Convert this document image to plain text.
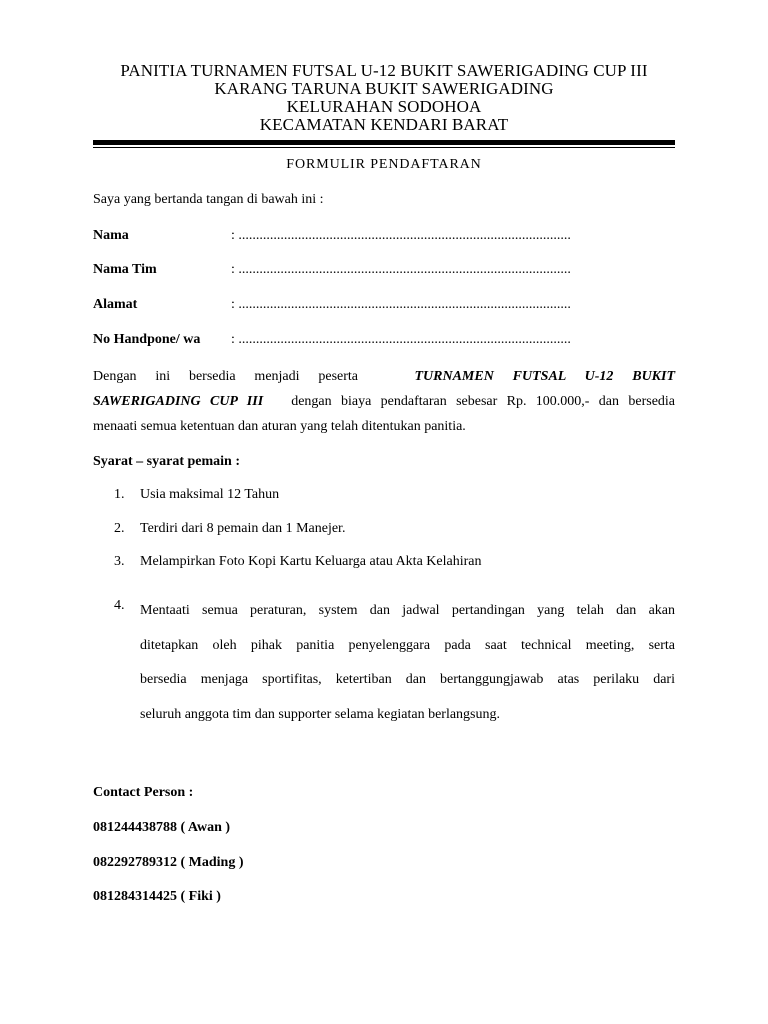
PANITIA TURNAMEN FUTSAL U-12 BUKIT SAWERIGADING CUP III
KARANG TARUNA BUKIT SAWERIGADING
KELURAHAN SODOHOA
KECAMATAN KENDARI BARAT
FORMULIR PENDAFTARAN
Saya yang bertanda tangan di bawah ini :
Nama	: ...............................................................................................
Nama Tim	: ...............................................................................................
Alamat	: ...............................................................................................
No Handpone/ wa : ...............................................................................................
Dengan ini bersedia menjadi peserta	TURNAMEN FUTSAL U-12 BUKIT
SAWERIGADING CUP III dengan biaya pendaftaran sebesar Rp. 100.000,- dan bersedia
menaati semua ketentuan dan aturan yang telah ditentukan panitia.
Syarat – syarat pemain :
1. Usia maksimal 12 Tahun
2. Terdiri dari 8 pemain dan 1 Manejer.
3. Melampirkan Foto Kopi Kartu Keluarga atau Akta Kelahiran
4. Mentaati semua peraturan, system dan jadwal pertandingan yang telah dan akan
ditetapkan oleh pihak panitia penyelenggara pada saat technical meeting, serta
bersedia menjaga sportifitas, ketertiban dan bertanggungjawab atas perilaku dari
seluruh anggota tim dan supporter selama kegiatan berlangsung.
Contact Person :
081244438788 ( Awan )
082292789312 ( Mading )
081284314425 ( Fiki )
